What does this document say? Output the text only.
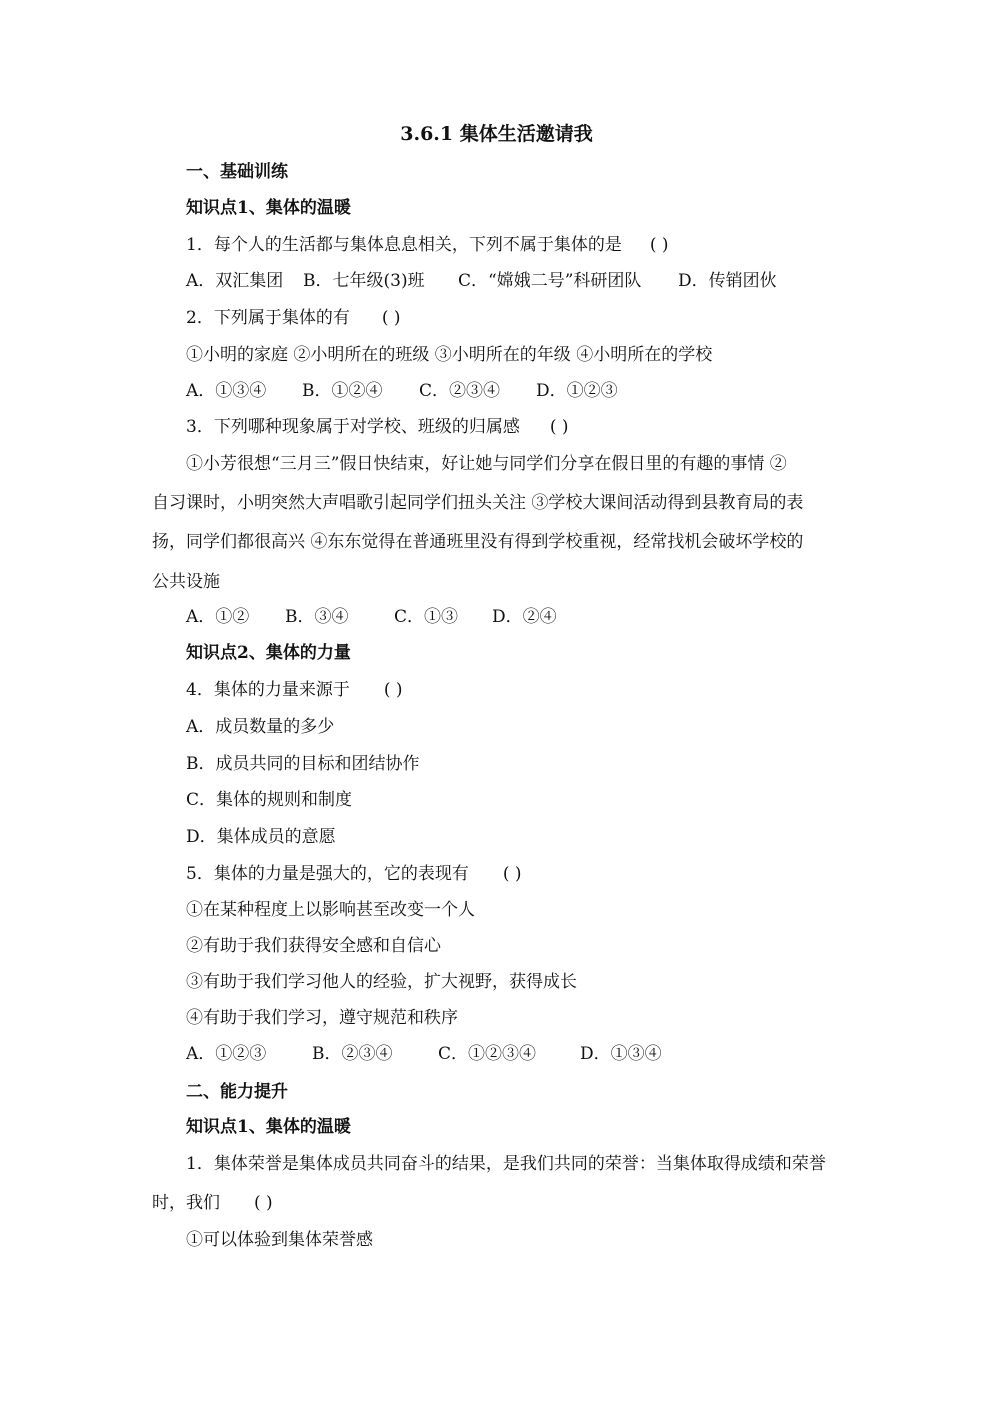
3.6.1 集体生活邀请我
一、基础训练
知识点1、集体的温暖
1．每个人的生活都与集体息息相关，下列不属于集体的是 ( )
A．双汇集团 B．七年级(3)班 C．“嫦娥二号”科研团队 D．传销团伙
2．下列属于集体的有 ( )
①小明的家庭 ②小明所在的班级 ③小明所在的年级 ④小明所在的学校
A．①③④ B．①②④ C．②③④ D．①②③
3．下列哪种现象属于对学校、班级的归属感 ( )
①小芳很想“三月三”假日快结束，好让她与同学们分享在假日里的有趣的事情 ②
自习课时，小明突然大声唱歌引起同学们扭头关注 ③学校大课间活动得到县教育局的表
扬，同学们都很高兴 ④东东觉得在普通班里没有得到学校重视，经常找机会破坏学校的
公共设施
A．①② B．③④	C．①③ D．②④
知识点2、集体的力量
4．集体的力量来源于 ( )
A．成员数量的多少
B．成员共同的目标和团结协作
C．集体的规则和制度
D．集体成员的意愿
5．集体的力量是强大的，它的表现有 ( )
①在某种程度上以影响甚至改变一个人
②有助于我们获得安全感和自信心
③有助于我们学习他人的经验，扩大视野，获得成长
④有助于我们学习，遵守规范和秩序
A．①②③	B．②③④	C．①②③④	D．①③④
二、能力提升
知识点1、集体的温暖
1．集体荣誉是集体成员共同奋斗的结果，是我们共同的荣誉：当集体取得成绩和荣誉
时，我们 ( )
①可以体验到集体荣誉感
